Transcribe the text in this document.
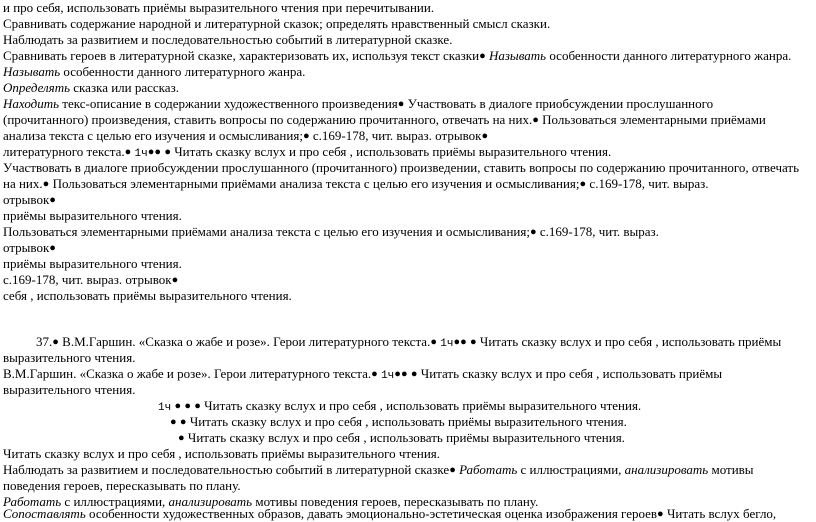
и про себя, использовать приёмы выразительного чтения при перечитывании.
Сравнивать содержание народной и литературной сказок; определять нравственный смысл сказки.
Наблюдать за развитием и последовательностью событий в литературной сказке.
Сравнивать героев в литературной сказке, характеризовать их, используя текст сказки● Называть особенности данного литературного жанра.
Называть особенности данного литературного жанра.
Определять сказка или рассказ.
Находить текс-описание в содержании художественного произведения● Участвовать в диалоге приобсуждении прослушанного
(прочитанного) произведения, ставить вопросы по содержанию прочитанного, отвечать на них.● Пользоваться элементарными приёмами
анализа текста с целью его изучения и осмысливания;● с.169-178, чит. выраз. отрывок●
литературного текста.● 1ч●● ● Читать сказку вслух и про себя , использовать приёмы выразительного чтения.
Участвовать в диалоге приобсуждении прослушанного (прочитанного) произведении, ставить вопросы по содержанию прочитанного, отвечать
на них.● Пользоваться элементарными приёмами анализа текста с целью его изучения и осмысливания;● с.169-178, чит. выраз.
отрывок●
приёмы выразительного чтения.
Пользоваться элементарными приёмами анализа текста с целью его изучения и осмысливания;● с.169-178, чит. выраз.
отрывок●
приёмы выразительного чтения.
с.169-178, чит. выраз. отрывок●
себя , использовать приёмы выразительного чтения.
37.● В.М.Гаршин. «Сказка о жабе и розе». Герои литературного текста.● 1ч●● ● Читать сказку вслух и про себя , использовать приёмы
выразительного чтения.
В.М.Гаршин. «Сказка о жабе и розе». Герои литературного текста.● 1ч●● ● Читать сказку вслух и про себя , использовать приёмы
выразительного чтения.
1ч ● ● ● Читать сказку вслух и про себя , использовать приёмы выразительного чтения.
● ● Читать сказку вслух и про себя , использовать приёмы выразительного чтения.
● Читать сказку вслух и про себя , использовать приёмы выразительного чтения.
Читать сказку вслух и про себя , использовать приёмы выразительного чтения.
Наблюдать за развитием и последовательностью событий в литературной сказке● Работать с иллюстрациями, анализировать мотивы
поведения героев, пересказывать по плану.
Работать с иллюстрациями, анализировать мотивы поведения героев, пересказывать по плану.
Сопоставлять особенности художественных образов, давать эмоционально-эстетическая оценка изображения героев● Читать вслух бегло,
